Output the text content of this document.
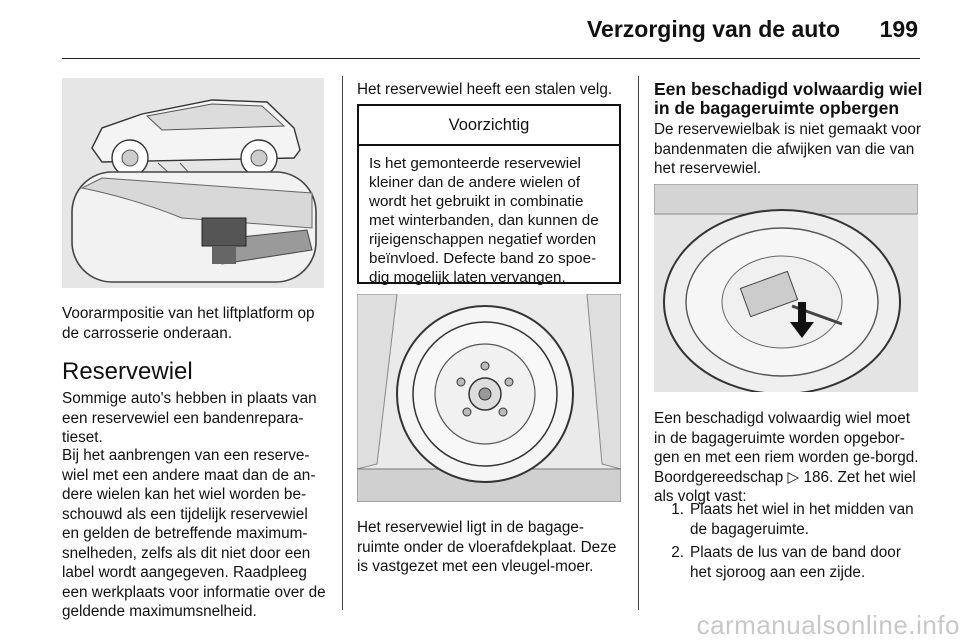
Verzorging van de auto 199
Voorarmpositie van het liftplatform op de carrosserie onderaan.
Reservewiel
Sommige auto's hebben in plaats van een reservewiel een bandenrepara-tieset.
Bij het aanbrengen van een reserve-wiel met een andere maat dan de an-dere wielen kan het wiel worden be-schouwd als een tijdelijk reservewiel en gelden de betreffende maximum-snelheden, zelfs als dit niet door een label wordt aangegeven. Raadpleeg een werkplaats voor informatie over de geldende maximumsnelheid.
Het reservewiel heeft een stalen velg.
Voorzichtig
Is het gemonteerde reservewiel kleiner dan de andere wielen of wordt het gebruikt in combinatie met winterbanden, dan kunnen de rijeigenschappen negatief worden beïnvloed. Defecte band zo spoe-dig mogelijk laten vervangen.
Het reservewiel ligt in de bagage-ruimte onder de vloerafdekplaat. Deze is vastgezet met een vleugel-moer.
Een beschadigd volwaardig wiel in de bagageruimte opbergen
De reservewielbak is niet gemaakt voor bandenmaten die afwijken van die van het reservewiel.
Een beschadigd volwaardig wiel moet in de bagageruimte worden opgebor-gen en met een riem worden ge-borgd. Boordgereedschap ▷ 186. Zet het wiel als volgt vast:
1. Plaats het wiel in het midden van de bagageruimte.
2. Plaats de lus van de band door het sjoroog aan een zijde.
carmanualsonline.info
